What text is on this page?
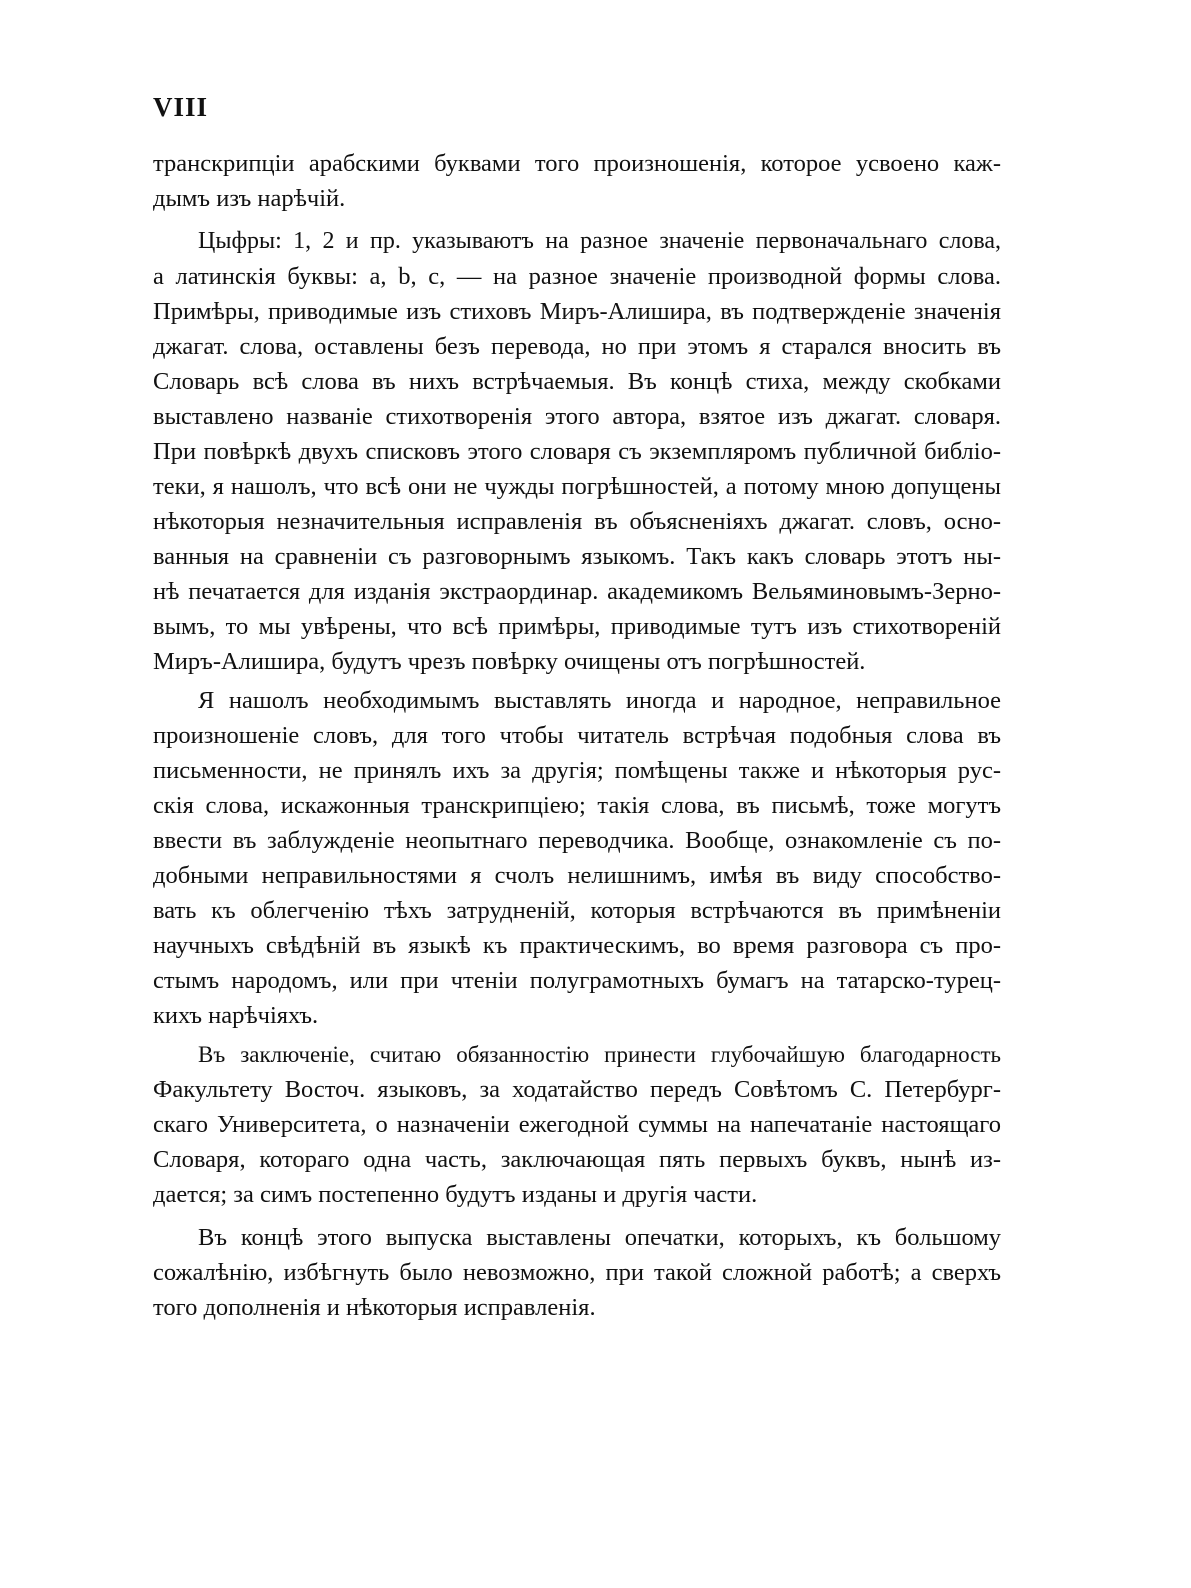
VIII
транскрипціи арабскими буквами того произношенія, которое усвоено каж-
дымъ изъ нарѣчій.
Цыфры: 1, 2 и пр. указываютъ на разное значеніе первоначальнаго слова,
а латинскія буквы: a, b, c, — на разное значеніе производной формы слова.
Примѣры, приводимые изъ стиховъ Миръ-Алишира, въ подтвержденіе значенія
джагат. слова, оставлены безъ перевода, но при этомъ я старался вносить въ
Словарь всѣ слова въ нихъ встрѣчаемыя. Въ концѣ стиха, между скобками
выставлено названіе стихотворенія этого автора, взятое изъ джагат. словаря.
При повѣркѣ двухъ списковъ этого словаря съ экземпляромъ публичной библіо-
теки, я нашолъ, что всѣ они не чужды погрѣшностей, а потому мною допущены
нѣкоторыя незначительныя исправленія въ объясненіяхъ джагат. словъ, осно-
ванныя на сравненіи съ разговорнымъ языкомъ. Такъ какъ словарь этотъ ны-
нѣ печатается для изданія экстраординар. академикомъ Вельяминовымъ-Зерно-
вымъ, то мы увѣрены, что всѣ примѣры, приводимые тутъ изъ стихотвореній
Миръ-Алишира, будутъ чрезъ повѣрку очищены отъ погрѣшностей.
Я нашолъ необходимымъ выставлять иногда и народное, неправильное
произношеніе словъ, для того чтобы читатель встрѣчая подобныя слова въ
письменности, не принялъ ихъ за другія; помѣщены также и нѣкоторыя рус-
скія слова, искажонныя транскрипціею; такія слова, въ письмѣ, тоже могутъ
ввести въ заблужденіе неопытнаго переводчика. Вообще, ознакомленіе съ по-
добными неправильностями я счолъ нелишнимъ, имѣя въ виду способство-
вать къ облегченію тѣхъ затрудненій, которыя встрѣчаются въ примѣненіи
научныхъ свѣдѣній въ языкѣ къ практическимъ, во время разговора съ про-
стымъ народомъ, или при чтеніи полуграмотныхъ бумагъ на татарско-турец-
кихъ нарѣчіяхъ.
Въ заключеніе, считаю обязанностію принести глубочайшую благодарность
Факультету Восточ. языковъ, за ходатайство передъ Совѣтомъ С. Петербург-
скаго Университета, о назначеніи ежегодной суммы на напечатаніе настоящаго
Словаря, котораго одна часть, заключающая пять первыхъ буквъ, нынѣ из-
дается; за симъ постепенно будутъ изданы и другія части.
Въ концѣ этого выпуска выставлены опечатки, которыхъ, къ большому
сожалѣнію, избѣгнуть было невозможно, при такой сложной работѣ; а сверхъ
того дополненія и нѣкоторыя исправленія.
